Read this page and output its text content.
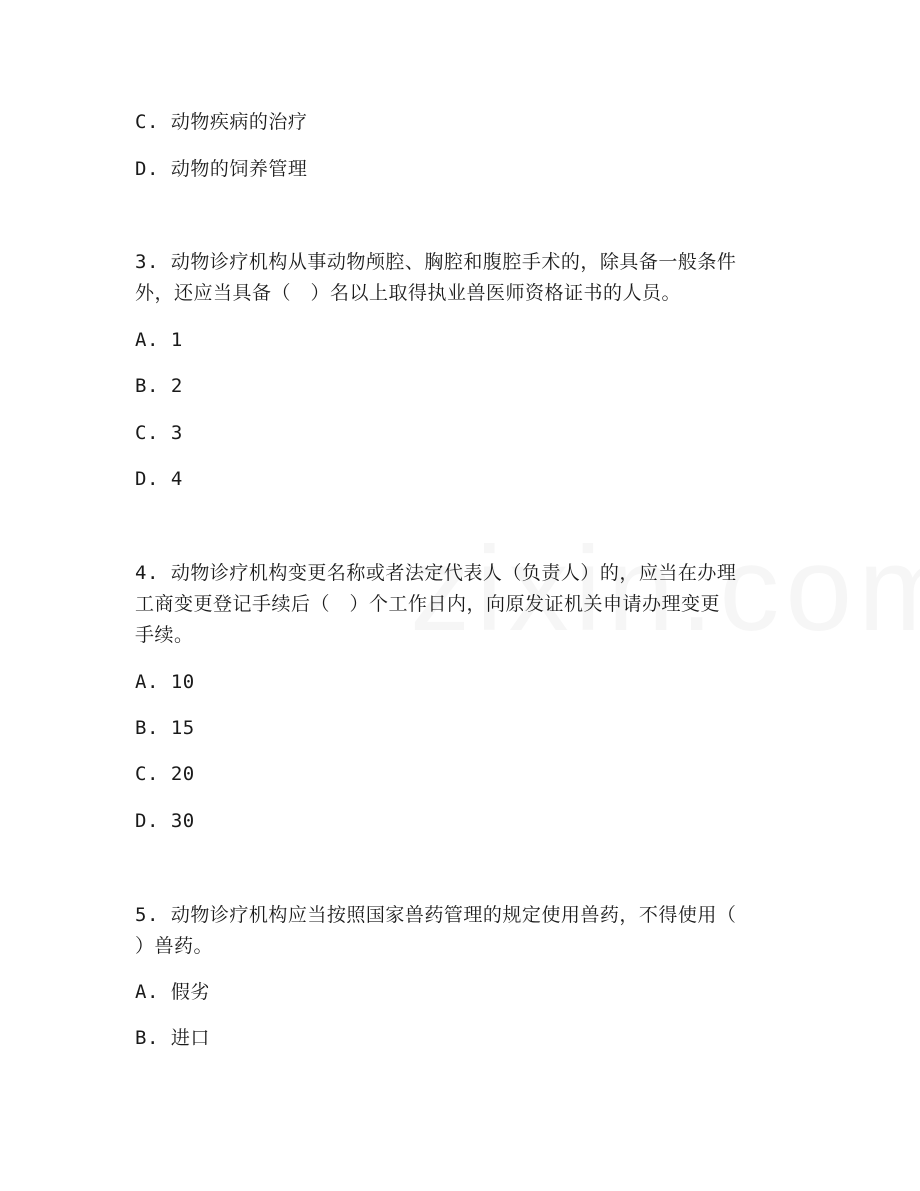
C. 动物疾病的治疗
D. 动物的饲养管理
3. 动物诊疗机构从事动物颅腔、胸腔和腹腔手术的，除具备一般条件
外，还应当具备（　）名以上取得执业兽医师资格证书的人员。
A. 1
B. 2
C. 3
D. 4
4. 动物诊疗机构变更名称或者法定代表人（负责人）的，应当在办理
工商变更登记手续后（　）个工作日内，向原发证机关申请办理变更
手续。
A. 10
B. 15
C. 20
D. 30
5. 动物诊疗机构应当按照国家兽药管理的规定使用兽药，不得使用（
）兽药。
A. 假劣
B. 进口
